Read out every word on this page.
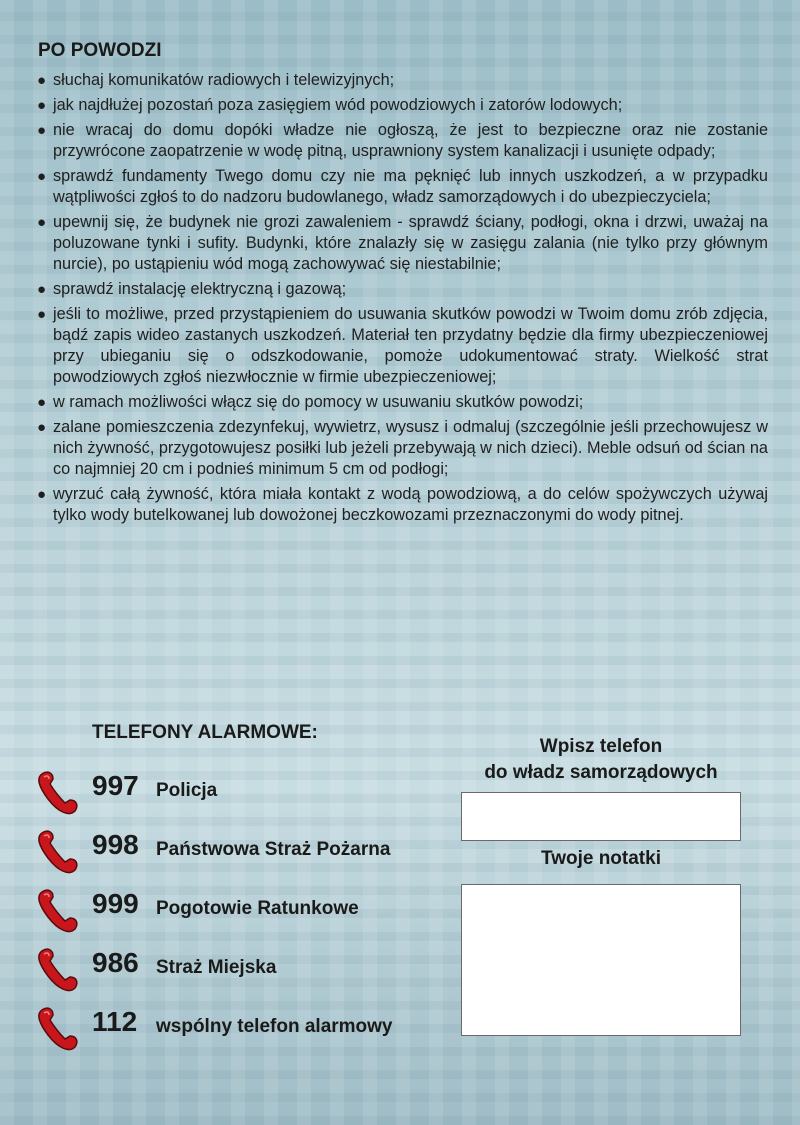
PO POWODZI
● słuchaj komunikatów radiowych i telewizyjnych;
● jak najdłużej pozostań poza zasięgiem wód powodziowych i zatorów lodowych;
● nie wracaj do domu dopóki władze nie ogłoszą, że jest to bezpieczne oraz nie zostanie przywrócone zaopatrzenie w wodę pitną, usprawniony system kanalizacji i usunięte odpady;
● sprawdź fundamenty Twego domu czy nie ma pęknięć lub innych uszkodzeń, a w przypadku wątpliwości zgłoś to do nadzoru budowlanego, władz samorządowych i do ubezpieczyciela;
● upewnij się, że budynek nie grozi zawaleniem - sprawdź ściany, podłogi, okna i drzwi, uważaj na poluzowane tynki i sufity. Budynki, które znalazły się w zasięgu zalania (nie tylko przy głównym nurcie), po ustąpieniu wód mogą zachowywać się niestabilnie;
● sprawdź instalację elektryczną i gazową;
● jeśli to możliwe, przed przystąpieniem do usuwania skutków powodzi w Twoim domu zrób zdjęcia, bądź zapis wideo zastanych uszkodzeń. Materiał ten przydatny będzie dla firmy ubezpieczeniowej przy ubieganiu się o odszkodowanie, pomoże udokumentować straty. Wielkość strat powodziowych zgłoś niezwłocznie w firmie ubezpieczeniowej;
● w ramach możliwości włącz się do pomocy w usuwaniu skutków powodzi;
● zalane pomieszczenia zdezynfekuj, wywietrz, wysusz i odmaluj (szczególnie jeśli przechowujesz w nich żywność, przygotowujesz posiłki lub jeżeli przebywają w nich dzieci). Meble odsuń od ścian na co najmniej 20 cm i podnieś minimum 5 cm od podłogi;
● wyrzuć całą żywność, która miała kontakt z wodą powodziową, a do celów spożywczych używaj tylko wody butelkowanej lub dowożonej beczkowozami przeznaczonymi do wody pitnej.
TELEFONY ALARMOWE:
997 Policja
998 Państwowa Straż Pożarna
999 Pogotowie Ratunkowe
986 Straż Miejska
112 wspólny telefon alarmowy
Wpisz telefon
do władz samorządowych
Twoje notatki
